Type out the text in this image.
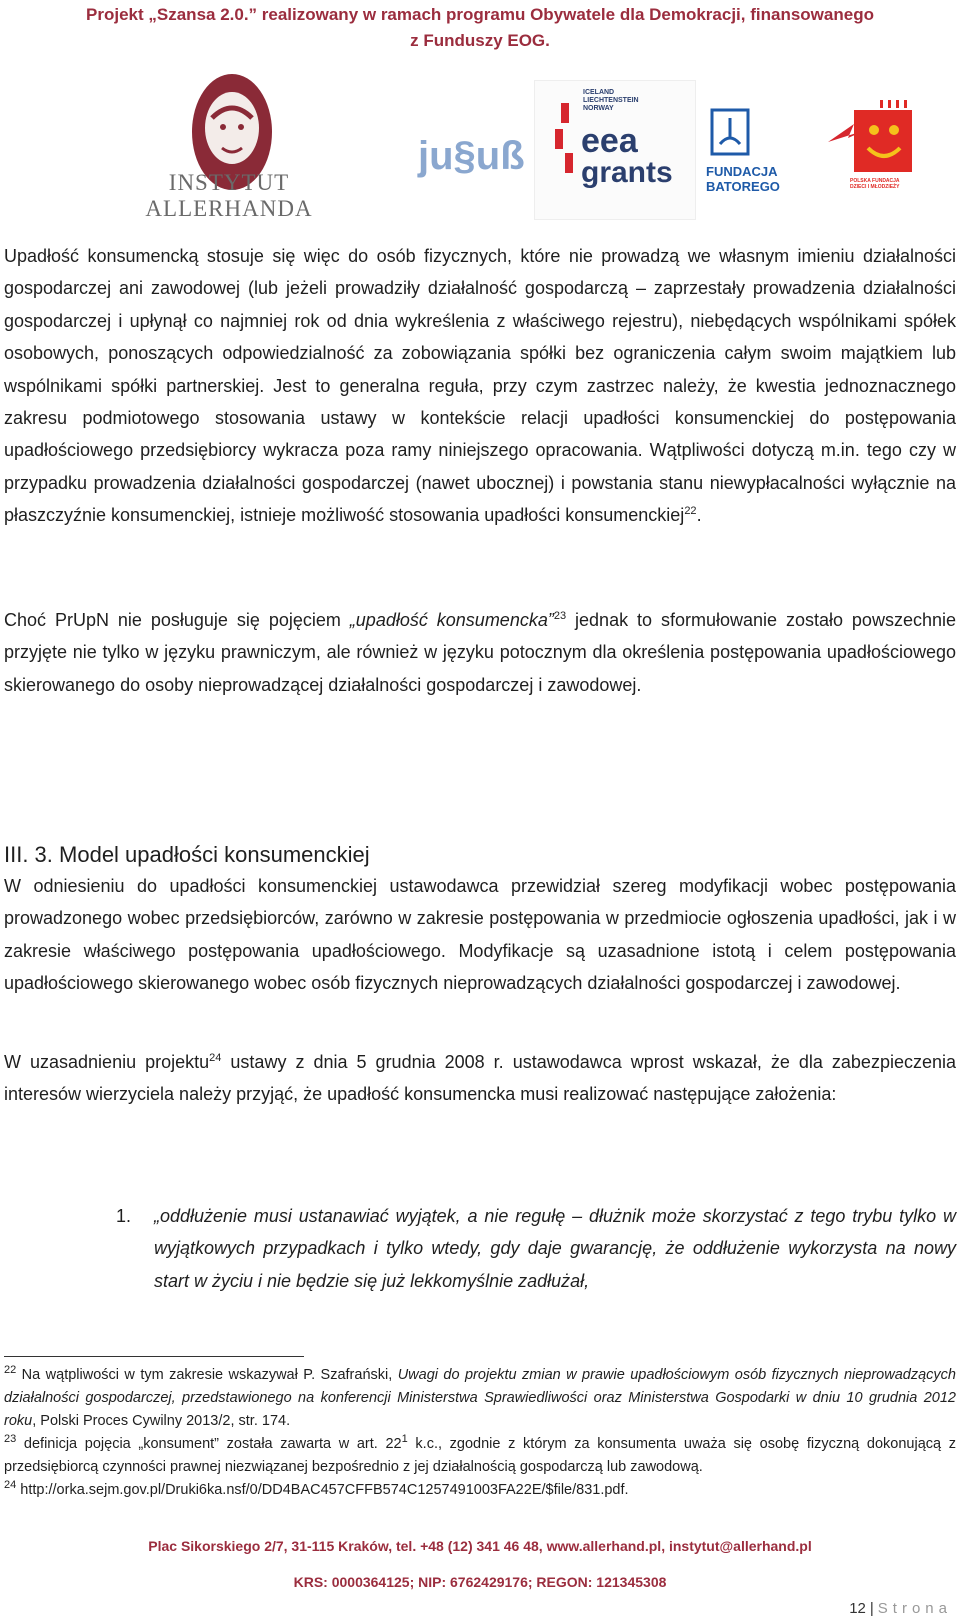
Projekt „Szansa 2.0.” realizowany w ramach programu Obywatele dla Demokracji, finansowanego
z Funduszy EOG.
INSTYTUT ALLERHANDA
ju§uß
ICELAND
LIECHTENSTEIN
NORWAY
eea
grants	FUNDACJA
BATOREGO	POLSKA FUNDACJA
DZIECI I MŁODZIEŻY

Upadłość konsumencką stosuje się więc do osób fizycznych, które nie prowadzą we własnym imieniu działalności gospodarczej ani zawodowej (lub jeżeli prowadziły działalność gospodarczą – zaprzestały prowadzenia działalności gospodarczej i upłynął co najmniej rok od dnia wykreślenia z właściwego rejestru), niebędących wspólnikami spółek osobowych, ponoszących odpowiedzialność za zobowiązania spółki bez ograniczenia całym swoim majątkiem lub wspólnikami spółki partnerskiej. Jest to generalna reguła, przy czym zastrzec należy, że kwestia jednoznacznego zakresu podmiotowego stosowania ustawy w kontekście relacji upadłości konsumenckiej do postępowania upadłościowego przedsiębiorcy wykracza poza ramy niniejszego opracowania. Wątpliwości dotyczą m.in. tego czy w przypadku prowadzenia działalności gospodarczej (nawet ubocznej) i powstania stanu niewypłacalności wyłącznie na płaszczyźnie konsumenckiej, istnieje możliwość stosowania upadłości konsumenckiej$^{22}$.

Choć PrUpN nie posługuje się pojęciem „upadłość konsumencka”$^{23}$ jednak to sformułowanie zostało powszechnie przyjęte nie tylko w języku prawniczym, ale również w języku potocznym dla określenia postępowania upadłościowego skierowanego do osoby nieprowadzącej działalności gospodarczej i zawodowej.

III. 3. Model upadłości konsumenckiej

W odniesieniu do upadłości konsumenckiej ustawodawca przewidział szereg modyfikacji wobec postępowania prowadzonego wobec przedsiębiorców, zarówno w zakresie postępowania w przedmiocie ogłoszenia upadłości, jak i w zakresie właściwego postępowania upadłościowego. Modyfikacje są uzasadnione istotą i celem postępowania upadłościowego skierowanego wobec osób fizycznych nieprowadzących działalności gospodarczej i zawodowej.

W uzasadnieniu projektu$^{24}$ ustawy z dnia 5 grudnia 2008 r. ustawodawca wprost wskazał, że dla zabezpieczenia interesów wierzyciela należy przyjąć, że upadłość konsumencka musi realizować następujące założenia:

1. „oddłużenie musi ustanawiać wyjątek, a nie regułę – dłużnik może skorzystać z tego trybu tylko w wyjątkowych przypadkach i tylko wtedy, gdy daje gwarancję, że oddłużenie wykorzysta na nowy start w życiu i nie będzie się już lekkomyślnie zadłużał,

$^{22}$ Na wątpliwości w tym zakresie wskazywał P. Szafrański, Uwagi do projektu zmian w prawie upadłościowym osób fizycznych nieprowadzących działalności gospodarczej, przedstawionego na konferencji Ministerstwa Sprawiedliwości oraz Ministerstwa Gospodarki w dniu 10 grudnia 2012 roku, Polski Proces Cywilny 2013/2, str. 174.

$^{23}$ definicja pojęcia „konsument” została zawarta w art. $22^1$ k.c., zgodnie z którym za konsumenta uważa się osobę fizyczną dokonującą z przedsiębiorcą czynności prawnej niezwiązanej bezpośrednio z jej działalnością gospodarczą lub zawodową.

$^{24}$ http://orka.sejm.gov.pl/Druki6ka.nsf/0/DD4BAC457CFFB574C1257491003FA22E/$file/831.pdf.

Plac Sikorskiego 2/7, 31-115 Kraków, tel. +48 (12) 341 46 48, www.allerhand.pl, instytut@allerhand.pl
KRS: 0000364125; NIP: 6762429176; REGON: 121345308
12 | Strona
